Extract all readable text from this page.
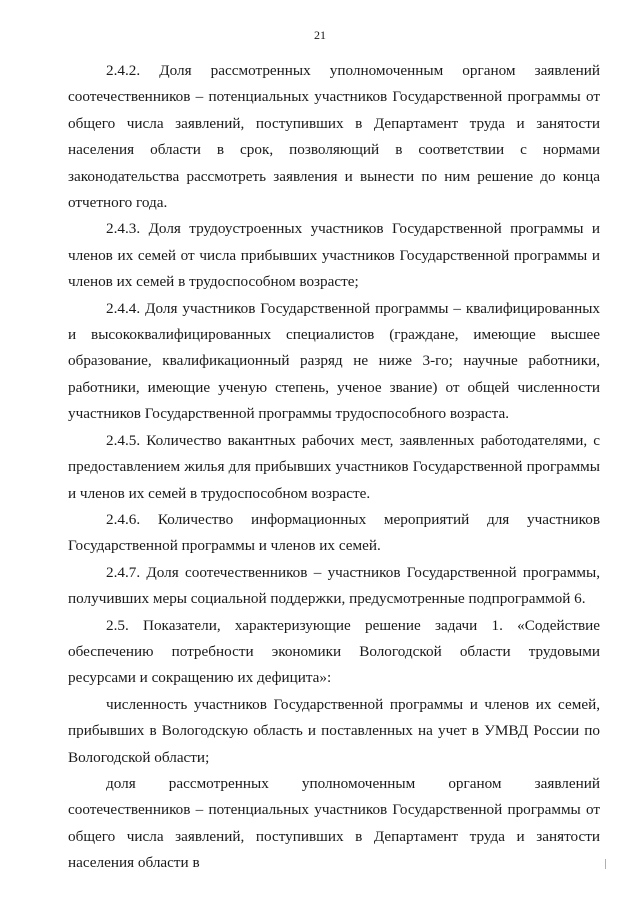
21

2.4.2. Доля рассмотренных уполномоченным органом заявлений соотечественников – потенциальных участников Государственной программы от общего числа заявлений, поступивших в Департамент труда и занятости населения области в срок, позволяющий в соответствии с нормами законодательства рассмотреть заявления и вынести по ним решение до конца отчетного года.

2.4.3. Доля трудоустроенных участников Государственной программы и членов их семей от числа прибывших участников Государственной программы и членов их семей в трудоспособном возрасте;

2.4.4. Доля участников Государственной программы – квалифицированных и высококвалифицированных специалистов (граждане, имеющие высшее образование, квалификационный разряд не ниже 3-го; научные работники, работники, имеющие ученую степень, ученое звание) от общей численности участников Государственной программы трудоспособного возраста.

2.4.5. Количество вакантных рабочих мест, заявленных работодателями, с предоставлением жилья для прибывших участников Государственной программы и членов их семей в трудоспособном возрасте.

2.4.6. Количество информационных мероприятий для участников Государственной программы и членов их семей.

2.4.7. Доля соотечественников – участников Государственной программы, получивших меры социальной поддержки, предусмотренные подпрограммой 6.

2.5. Показатели, характеризующие решение задачи 1. «Содействие обеспечению потребности экономики Вологодской области трудовыми ресурсами и сокращению их дефицита»:

численность участников Государственной программы и членов их семей, прибывших в Вологодскую область и поставленных на учет в УМВД России по Вологодской области;

доля рассмотренных уполномоченным органом заявлений соотечественников – потенциальных участников Государственной программы от общего числа заявлений, поступивших в Департамент труда и занятости населения области в
